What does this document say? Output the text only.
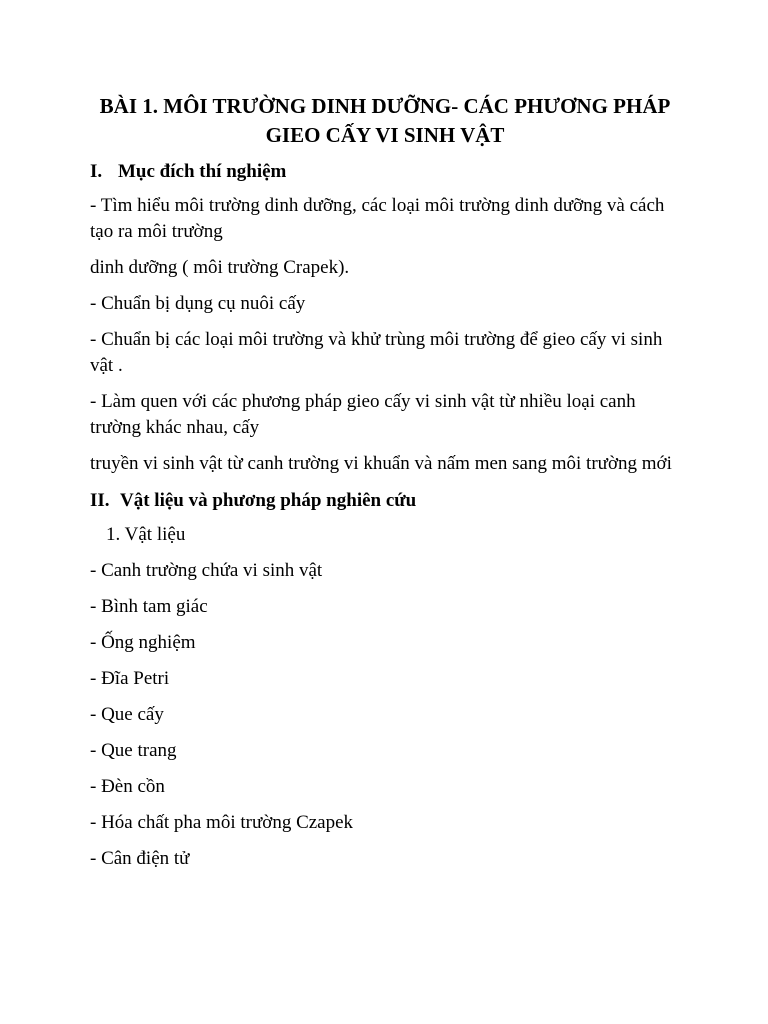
BÀI 1. MÔI TRƯỜNG DINH DƯỠNG- CÁC PHƯƠNG PHÁP GIEO CẤY VI SINH VẬT
I. Mục đích thí nghiệm
- Tìm hiểu môi trường dinh dưỡng, các loại môi trường dinh dưỡng và cách tạo ra môi trường
dinh dưỡng ( môi trường Crapek).
- Chuẩn bị dụng cụ nuôi cấy
- Chuẩn bị các loại môi trường và khử trùng môi trường để gieo cấy vi sinh vật .
- Làm quen với các phương pháp gieo cấy vi sinh vật từ nhiều loại canh trường khác nhau, cấy
truyền vi sinh vật từ canh trường vi khuẩn và nấm men sang môi trường mới
II. Vật liệu và phương pháp nghiên cứu
1. Vật liệu
- Canh trường chứa vi sinh vật
- Bình tam giác
- Ống nghiệm
- Đĩa Petri
- Que cấy
- Que trang
- Đèn cồn
- Hóa chất pha môi trường Czapek
- Cân điện tử
